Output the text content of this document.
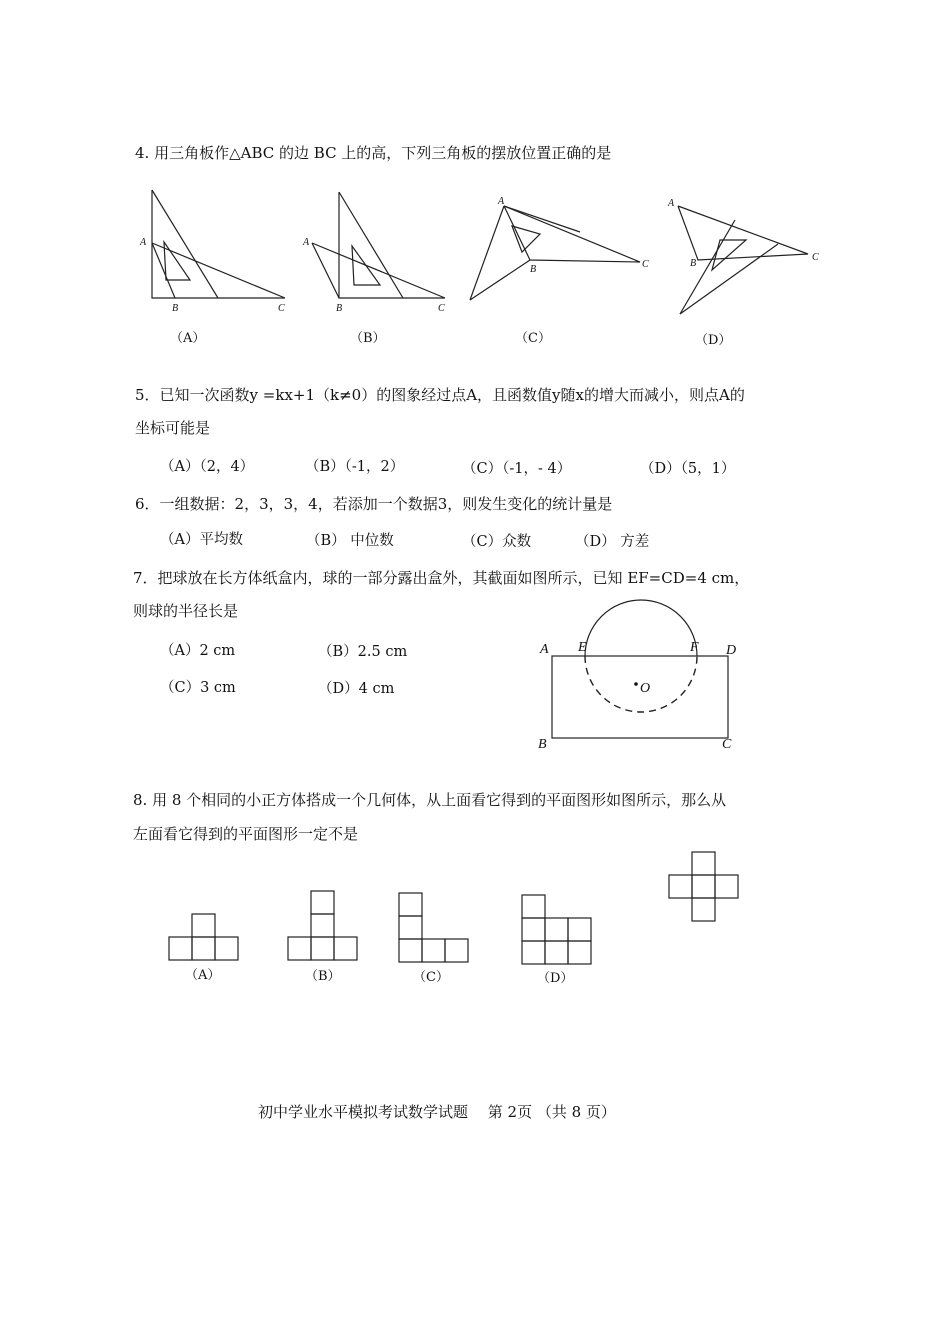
4. 用三角板作△ABC 的边 BC 上的高，下列三角板的摆放位置正确的是
A
B	C
（A）
A
B	C
（B）
A
B	C
（C）
A
B
C
（D）
5．已知一次函数y =kx+1（k≠0）的图象经过点A，且函数值y随x的增大而减小，则点A的
坐标可能是
（A）（2，4）	（B）（-1，2）	（C）（-1，- 4）	（D）（5，1）
6．一组数据：2，3，3，4，若添加一个数据3，则发生变化的统计量是
（A）平均数	（B） 中位数	（C）众数	（D） 方差
7．把球放在长方体纸盒内，球的一部分露出盒外，其截面如图所示，已知 EF=CD=4 cm，
则球的半径长是
（A）2 cm	（B）2.5 cm
（C）3 cm	（D）4 cm
A E	F D
O
B	C
8. 用 8 个相同的小正方体搭成一个几何体，从上面看它得到的平面图形如图所示，那么从
左面看它得到的平面图形一定不是
（A）	（B）	（C）	（D）
初中学业水平模拟考试数学试题　 第 2页 （共 8 页）
